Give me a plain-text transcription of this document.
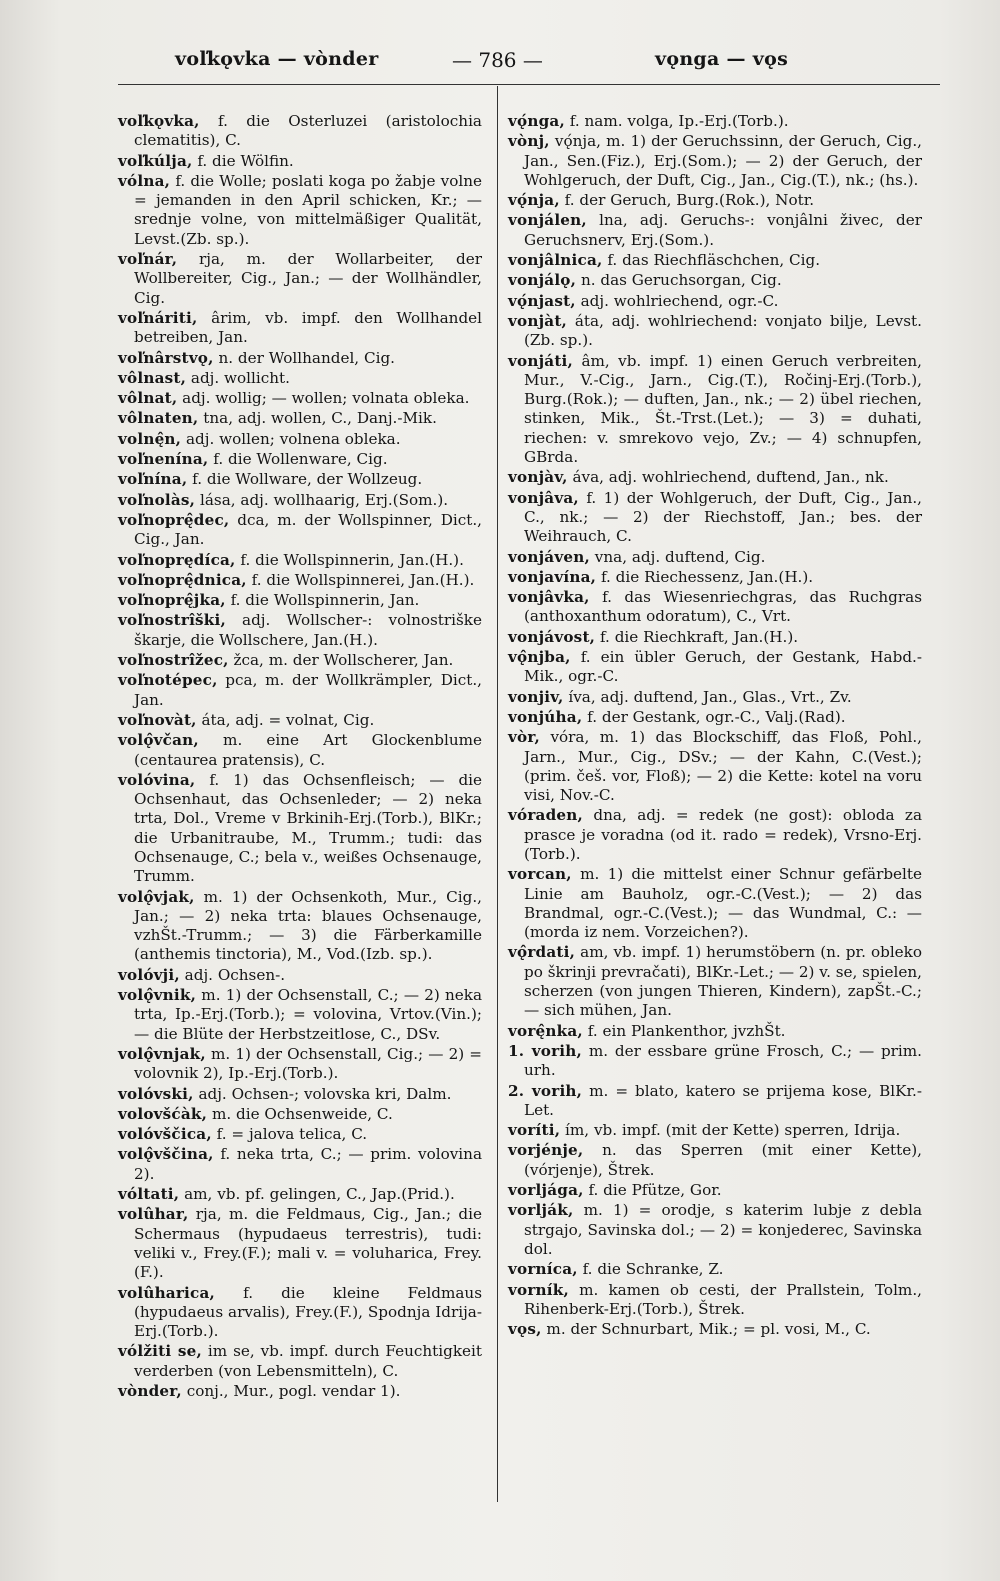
voľkǫvka — vònder	— 786 —	vǫnga — vǫs
voľkǫvka, f. die Osterluzei (aristolochia clematitis), C.
voľkúlja, f. die Wölfin.
vólna, f. die Wolle; poslati koga po žabje volne = jemanden in den April schicken, Kr.; — srednje volne, von mittelmäßiger Qualität, Levst.(Zb. sp.).
voľnár, rja, m. der Wollarbeiter, der Wollbereiter, Cig., Jan.; — der Wollhändler, Cig.
voľnáriti, ârim, vb. impf. den Wollhandel betreiben, Jan.
voľnârstvǫ, n. der Wollhandel, Cig.
vôlnast, adj. wollicht.
vôlnat, adj. wollig; — wollen; volnata obleka.
vôlnaten, tna, adj. wollen, C., Danj.-Mik.
volnę̂n, adj. wollen; volnena obleka.
voľnenína, f. die Wollenware, Cig.
voľnína, f. die Wollware, der Wollzeug.
voľnolàs, lása, adj. wollhaarig, Erj.(Som.).
voľnoprę̂dec, dca, m. der Wollspinner, Dict., Cig., Jan.
voľnoprędíca, f. die Wollspinnerin, Jan.(H.).
voľnoprę̂dnica, f. die Wollspinnerei, Jan.(H.).
voľnoprę̂jka, f. die Wollspinnerin, Jan.
voľnostrîški, adj. Wollscher-: volnostriške škarje, die Wollschere, Jan.(H.).
voľnostrîžec, žca, m. der Wollscherer, Jan.
voľnotépec, pca, m. der Wollkrämpler, Dict., Jan.
voľnovàt, áta, adj. = volnat, Cig.
volǫ̂včan, m. eine Art Glockenblume (centaurea pratensis), C.
volóvina, f. 1) das Ochsenfleisch; — die Ochsenhaut, das Ochsenleder; — 2) neka trta, Dol., Vreme v Brkinih-Erj.(Torb.), BlKr.; die Urbanitraube, M., Trumm.; tudi: das Ochsenauge, C.; bela v., weißes Ochsenauge, Trumm.
volǫ̂vjak, m. 1) der Ochsenkoth, Mur., Cig., Jan.; — 2) neka trta: blaues Ochsenauge, vzhŠt.-Trumm.; — 3) die Färberkamille (anthemis tinctoria), M., Vod.(Izb. sp.).
volóvji, adj. Ochsen-.
volǫ̂vnik, m. 1) der Ochsenstall, C.; — 2) neka trta, Ip.-Erj.(Torb.); = volovina, Vrtov.(Vin.); — die Blüte der Herbstzeitlose, C., DSv.
volǫ̂vnjak, m. 1) der Ochsenstall, Cig.; — 2) = volovnik 2), Ip.-Erj.(Torb.).
volóvski, adj. Ochsen-; volovska kri, Dalm.
volovšćàk, m. die Ochsenweide, C.
volóvščica, f. = jalova telica, C.
volǫ̂vščina, f. neka trta, C.; — prim. volovina 2).
vóltati, am, vb. pf. gelingen, C., Jap.(Prid.).
volûhar, rja, m. die Feldmaus, Cig., Jan.; die Schermaus (hypudaeus terrestris), tudi: veliki v., Frey.(F.); mali v. = voluharica, Frey.(F.).
volûharica, f. die kleine Feldmaus (hypudaeus arvalis), Frey.(F.), Spodnja Idrija-Erj.(Torb.).
vólžiti se, im se, vb. impf. durch Feuchtigkeit verderben (von Lebensmitteln), C.
vònder, conj., Mur., pogl. vendar 1).
vǫ́nga, f. nam. volga, Ip.-Erj.(Torb.).
vònj, vǫ́nja, m. 1) der Geruchssinn, der Geruch, Cig., Jan., Sen.(Fiz.), Erj.(Som.); — 2) der Geruch, der Wohlgeruch, der Duft, Cig., Jan., Cig.(T.), nk.; (hs.).
vǫ́nja, f. der Geruch, Burg.(Rok.), Notr.
vonjálen, lna, adj. Geruchs-: vonjâlni živec, der Geruchsnerv, Erj.(Som.).
vonjâlnica, f. das Riechfläschchen, Cig.
vonjálǫ, n. das Geruchsorgan, Cig.
vǫ́njast, adj. wohlriechend, ogr.-C.
vonjàt, áta, adj. wohlriechend: vonjato bilje, Levst.(Zb. sp.).
vonjáti, âm, vb. impf. 1) einen Geruch verbreiten, Mur., V.-Cig., Jarn., Cig.(T.), Ročinj-Erj.(Torb.), Burg.(Rok.); — duften, Jan., nk.; — 2) übel riechen, stinken, Mik., Št.-Trst.(Let.); — 3) = duhati, riechen: v. smrekovo vejo, Zv.; — 4) schnupfen, GBrda.
vonjàv, áva, adj. wohlriechend, duftend, Jan., nk.
vonjâva, f. 1) der Wohlgeruch, der Duft, Cig., Jan., C., nk.; — 2) der Riechstoff, Jan.; bes. der Weihrauch, C.
vonjáven, vna, adj. duftend, Cig.
vonjavína, f. die Riechessenz, Jan.(H.).
vonjâvka, f. das Wiesenriechgras, das Ruchgras (anthoxanthum odoratum), C., Vrt.
vonjávost, f. die Riechkraft, Jan.(H.).
vǫ̂njba, f. ein übler Geruch, der Gestank, Habd.-Mik., ogr.-C.
vonjiv, íva, adj. duftend, Jan., Glas., Vrt., Zv.
vonjúha, f. der Gestank, ogr.-C., Valj.(Rad).
vòr, vóra, m. 1) das Blockschiff, das Floß, Pohl., Jarn., Mur., Cig., DSv.; — der Kahn, C.(Vest.); (prim. češ. vor, Floß); — 2) die Kette: kotel na voru visi, Nov.-C.
vóraden, dna, adj. = redek (ne gost): obloda za prasce je voradna (od it. rado = redek), Vrsno-Erj.(Torb.).
vorcan, m. 1) die mittelst einer Schnur gefärbelte Linie am Bauholz, ogr.-C.(Vest.); — 2) das Brandmal, ogr.-C.(Vest.); — das Wundmal, C.: — (morda iz nem. Vorzeichen?).
vǫ̂rdati, am, vb. impf. 1) herumstöbern (n. pr. obleko po škrinji prevračati), BlKr.-Let.; — 2) v. se, spielen, scherzen (von jungen Thieren, Kindern), zapŠt.-C.; — sich mühen, Jan.
vorę̂nka, f. ein Plankenthor, jvzhŠt.
1. vorih, m. der essbare grüne Frosch, C.; — prim. urh.
2. vorih, m. = blato, katero se prijema kose, BlKr.-Let.
voríti, ím, vb. impf. (mit der Kette) sperren, Idrija.
vorjénje, n. das Sperren (mit einer Kette), (vórjenje), Štrek.
vorljága, f. die Pfütze, Gor.
vorlják, m. 1) = orodje, s katerim lubje z debla strgajo, Savinska dol.; — 2) = konjederec, Savinska dol.
vorníca, f. die Schranke, Z.
vorník, m. kamen ob cesti, der Prallstein, Tolm., Rihenberk-Erj.(Torb.), Štrek.
vǫs, m. der Schnurbart, Mik.; = pl. vosi, M., C.
